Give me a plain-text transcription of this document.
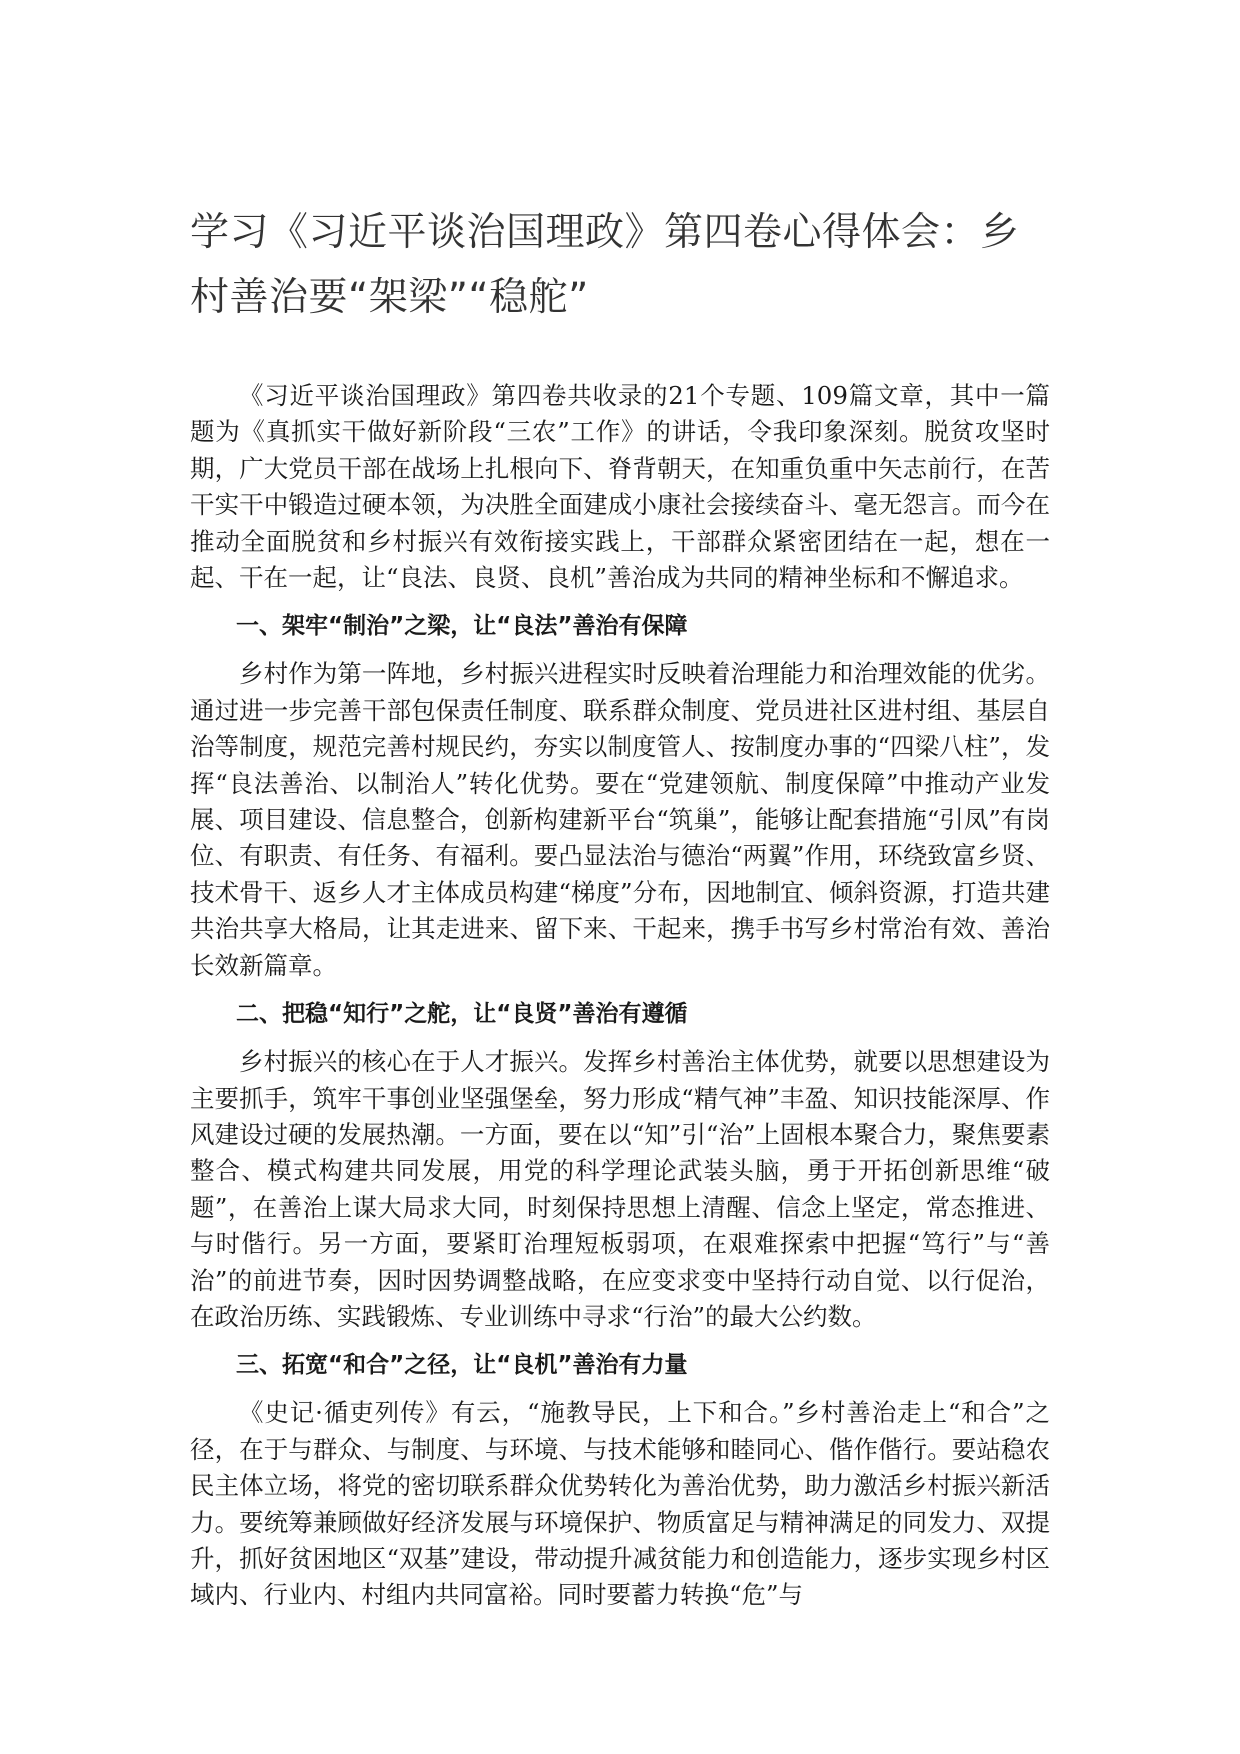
学习《习近平谈治国理政》第四卷心得体会：乡村善治要“架梁”“稳舵”

《习近平谈治国理政》第四卷共收录的21个专题、109篇文章，其中一篇题为《真抓实干做好新阶段“三农”工作》的讲话，令我印象深刻。脱贫攻坚时期，广大党员干部在战场上扎根向下、脊背朝天，在知重负重中矢志前行，在苦干实干中锻造过硬本领，为决胜全面建成小康社会接续奋斗、毫无怨言。而今在推动全面脱贫和乡村振兴有效衔接实践上，干部群众紧密团结在一起，想在一起、干在一起，让“良法、良贤、良机”善治成为共同的精神坐标和不懈追求。

一、架牢“制治”之梁，让“良法”善治有保障

乡村作为第一阵地，乡村振兴进程实时反映着治理能力和治理效能的优劣。通过进一步完善干部包保责任制度、联系群众制度、党员进社区进村组、基层自治等制度，规范完善村规民约，夯实以制度管人、按制度办事的“四梁八柱”，发挥“良法善治、以制治人”转化优势。要在“党建领航、制度保障”中推动产业发展、项目建设、信息整合，创新构建新平台“筑巢”，能够让配套措施“引凤”有岗位、有职责、有任务、有福利。要凸显法治与德治“两翼”作用，环绕致富乡贤、技术骨干、返乡人才主体成员构建“梯度”分布，因地制宜、倾斜资源，打造共建共治共享大格局，让其走进来、留下来、干起来，携手书写乡村常治有效、善治长效新篇章。

二、把稳“知行”之舵，让“良贤”善治有遵循

乡村振兴的核心在于人才振兴。发挥乡村善治主体优势，就要以思想建设为主要抓手，筑牢干事创业坚强堡垒，努力形成“精气神”丰盈、知识技能深厚、作风建设过硬的发展热潮。一方面，要在以“知”引“治”上固根本聚合力，聚焦要素整合、模式构建共同发展，用党的科学理论武装头脑，勇于开拓创新思维“破题”，在善治上谋大局求大同，时刻保持思想上清醒、信念上坚定，常态推进、与时偕行。另一方面，要紧盯治理短板弱项，在艰难探索中把握“笃行”与“善治”的前进节奏，因时因势调整战略，在应变求变中坚持行动自觉、以行促治，在政治历练、实践锻炼、专业训练中寻求“行治”的最大公约数。

三、拓宽“和合”之径，让“良机”善治有力量

《史记·循吏列传》有云，“施教导民，上下和合。”乡村善治走上“和合”之径，在于与群众、与制度、与环境、与技术能够和睦同心、偕作偕行。要站稳农民主体立场，将党的密切联系群众优势转化为善治优势，助力激活乡村振兴新活力。要统筹兼顾做好经济发展与环境保护、物质富足与精神满足的同发力、双提升，抓好贫困地区“双基”建设，带动提升减贫能力和创造能力，逐步实现乡村区域内、行业内、村组内共同富裕。同时要蓄力转换“危”与
